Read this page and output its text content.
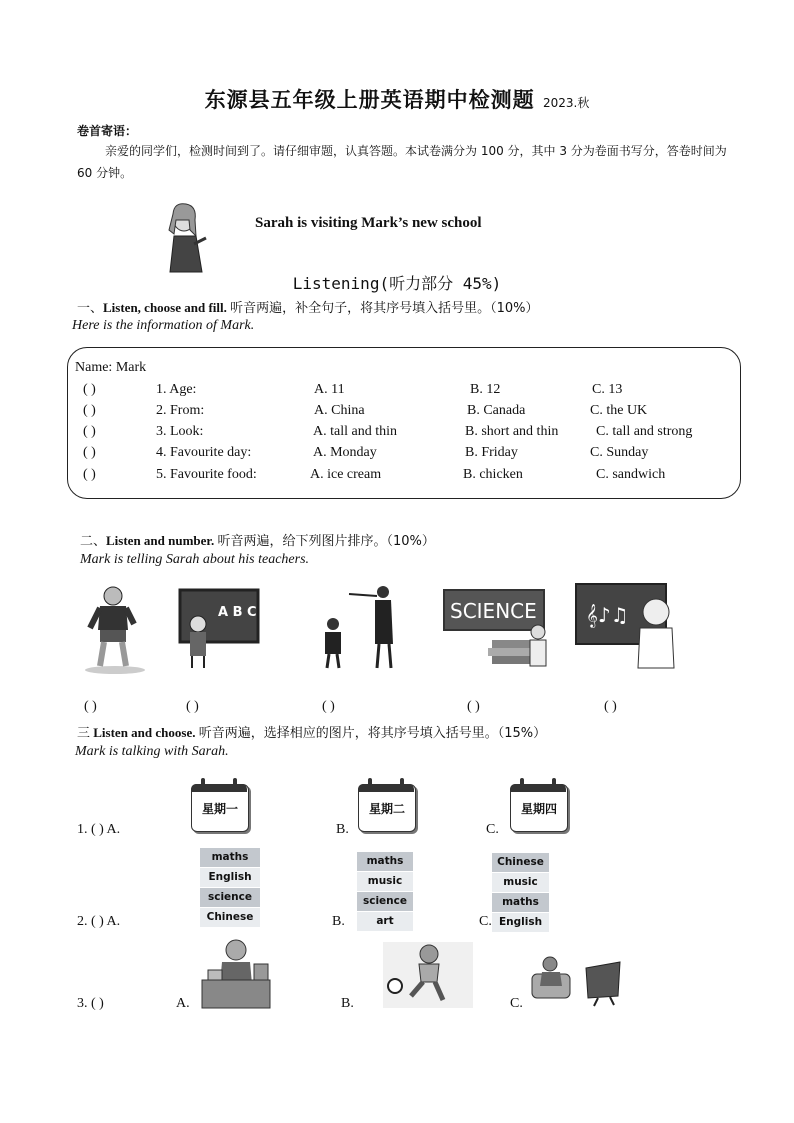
东源县五年级上册英语期中检测题 2023.秋
卷首寄语：
亲爱的同学们，检测时间到了。请仔细审题，认真答题。本试卷满分为 100 分，其中 3 分为卷面书写分，答卷时间为 60 分钟。
Sarah is visiting Mark’s new school
Listening(听力部分 45%)
一、Listen, choose and fill. 听音两遍，补全句子，将其序号填入括号里。（10%）
Here is the information of Mark.
Name: Mark
( )	1. Age:	A. 11	B. 12	C. 13
( )	2. From:	A. China	B. Canada	C. the UK
( )	3. Look:	A. tall and thin	B. short and thin	C. tall and strong
( )	4. Favourite day:	A. Monday	B. Friday	C. Sunday
( )	5. Favourite food:	A. ice cream	B. chicken	C. sandwich
二、Listen and number. 听音两遍，给下列图片排序。（10%）
Mark is telling Sarah about his teachers.
A B C	SCIENCE 𝄞♪♫
( )	( )	( )	( )	( )
三 Listen and choose. 听音两遍，选择相应的图片，将其序号填入括号里。（15%）
Mark is talking with Sarah.
1. ( ) A.
星期一
B.
星期二
C.
星期四
2. ( ) A.
maths
English
science
Chinese	B.
maths
music
science
art	C.
Chinese
music
maths
English
3. ( )	A.	B.	C.
